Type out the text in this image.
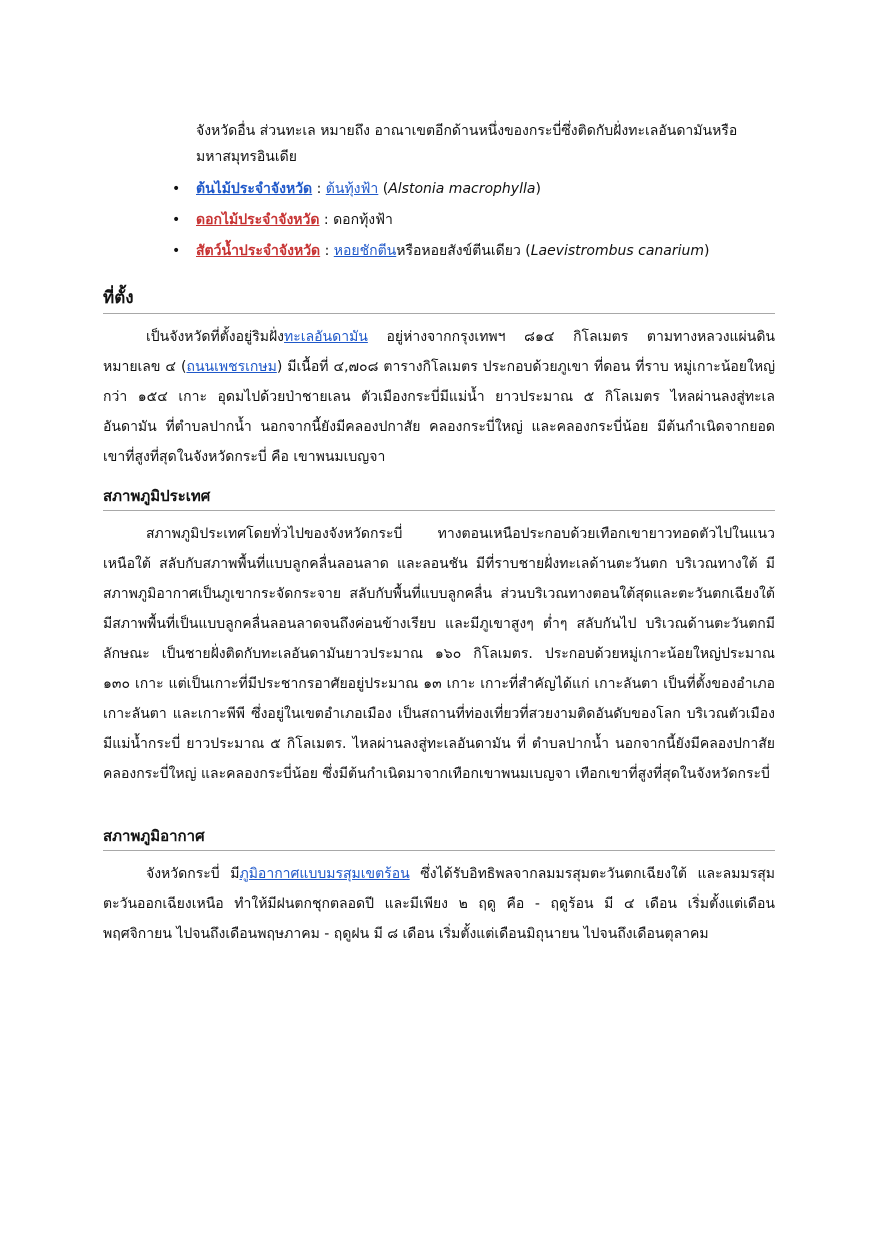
จังหวัดอื่น ส่วนทะเล หมายถึง อาณาเขตอีกด้านหนึ่งของกระบี่ซึ่งติดกับฝั่งทะเลอันดามันหรือ

มหาสมุทรอินเดีย

• ต้นไม้ประจำจังหวัด : ต้นทุ้งฟ้า (Alstonia macrophylla)
• ดอกไม้ประจำจังหวัด : ดอกทุ้งฟ้า
• สัตว์น้ำประจำจังหวัด : หอยชักตีนหรือหอยสังข์ตีนเดียว (Laevistrombus canarium)
ที่ตั้ง

เป็นจังหวัดที่ตั้งอยู่ริมฝั่งทะเลอันดามัน อยู่ห่างจากกรุงเทพฯ ๘๑๔ กิโลเมตร ตามทางหลวงแผ่นดินหมายเลข ๔ (ถนนเพชรเกษม) มีเนื้อที่ ๔,๗๐๘ ตารางกิโลเมตร ประกอบด้วยภูเขา ที่ดอน ที่ราบ หมู่เกาะน้อยใหญ่ กว่า ๑๕๔ เกาะ อุดมไปด้วยป่าชายเลน ตัวเมืองกระบี่มีแม่น้ำ ยาวประมาณ ๕ กิโลเมตร ไหลผ่านลงสู่ทะเลอันดามัน ที่ตำบลปากน้ำ นอกจากนี้ยังมีคลองปกาสัย คลองกระบี่ใหญ่ และคลองกระบี่น้อย มีต้นกำเนิดจากยอดเขาที่สูงที่สุดในจังหวัดกระบี่ คือ เขาพนมเบญจา

สภาพภูมิประเทศ

สภาพภูมิประเทศโดยทั่วไปของจังหวัดกระบี่ ทางตอนเหนือประกอบด้วยเทือกเขายาวทอดตัวไปในแนวเหนือใต้ สลับกับสภาพพื้นที่แบบลูกคลื่นลอนลาด และลอนชัน มีที่ราบชายฝั่งทะเลด้านตะวันตก บริเวณทางใต้ มีสภาพภูมิอากาศเป็นภูเขากระจัดกระจาย สลับกับพื้นที่แบบลูกคลื่น ส่วนบริเวณทางตอนใต้สุดและตะวันตกเฉียงใต้ มีสภาพพื้นที่เป็นแบบลูกคลื่นลอนลาดจนถึงค่อนข้างเรียบ และมีภูเขาสูงๆ ต่ำๆ สลับกันไป บริเวณด้านตะวันตกมีลักษณะ เป็นชายฝั่งติดกับทะเลอันดามันยาวประมาณ ๑๖๐ กิโลเมตร. ประกอบด้วยหมู่เกาะน้อยใหญ่ประมาณ ๑๓๐ เกาะ แต่เป็นเกาะที่มีประชากรอาศัยอยู่ประมาณ ๑๓ เกาะ เกาะที่สำคัญได้แก่ เกาะลันตา เป็นที่ตั้งของอำเภอเกาะลันตา และเกาะพีพี ซึ่งอยู่ในเขตอำเภอเมือง เป็นสถานที่ท่องเที่ยวที่สวยงามติดอันดับของโลก บริเวณตัวเมืองมีแม่น้ำกระบี่ ยาวประมาณ ๕ กิโลเมตร. ไหลผ่านลงสู่ทะเลอันดามัน ที่ ตำบลปากน้ำ นอกจากนี้ยังมีคลองปกาสัย คลองกระบี่ใหญ่ และคลองกระบี่น้อย ซึ่งมีต้นกำเนิดมาจากเทือกเขาพนมเบญจา เทือกเขาที่สูงที่สุดในจังหวัดกระบี่

สภาพภูมิอากาศ

จังหวัดกระบี่ มีภูมิอากาศแบบมรสุมเขตร้อน ซึ่งได้รับอิทธิพลจากลมมรสุมตะวันตกเฉียงใต้ และลมมรสุมตะวันออกเฉียงเหนือ ทำให้มีฝนตกชุกตลอดปี และมีเพียง ๒ ฤดู คือ - ฤดูร้อน มี ๔ เดือน เริ่มตั้งแต่เดือนพฤศจิกายน ไปจนถึงเดือนพฤษภาคม - ฤดูฝน มี ๘ เดือน เริ่มตั้งแต่เดือนมิถุนายน ไปจนถึงเดือนตุลาคม
